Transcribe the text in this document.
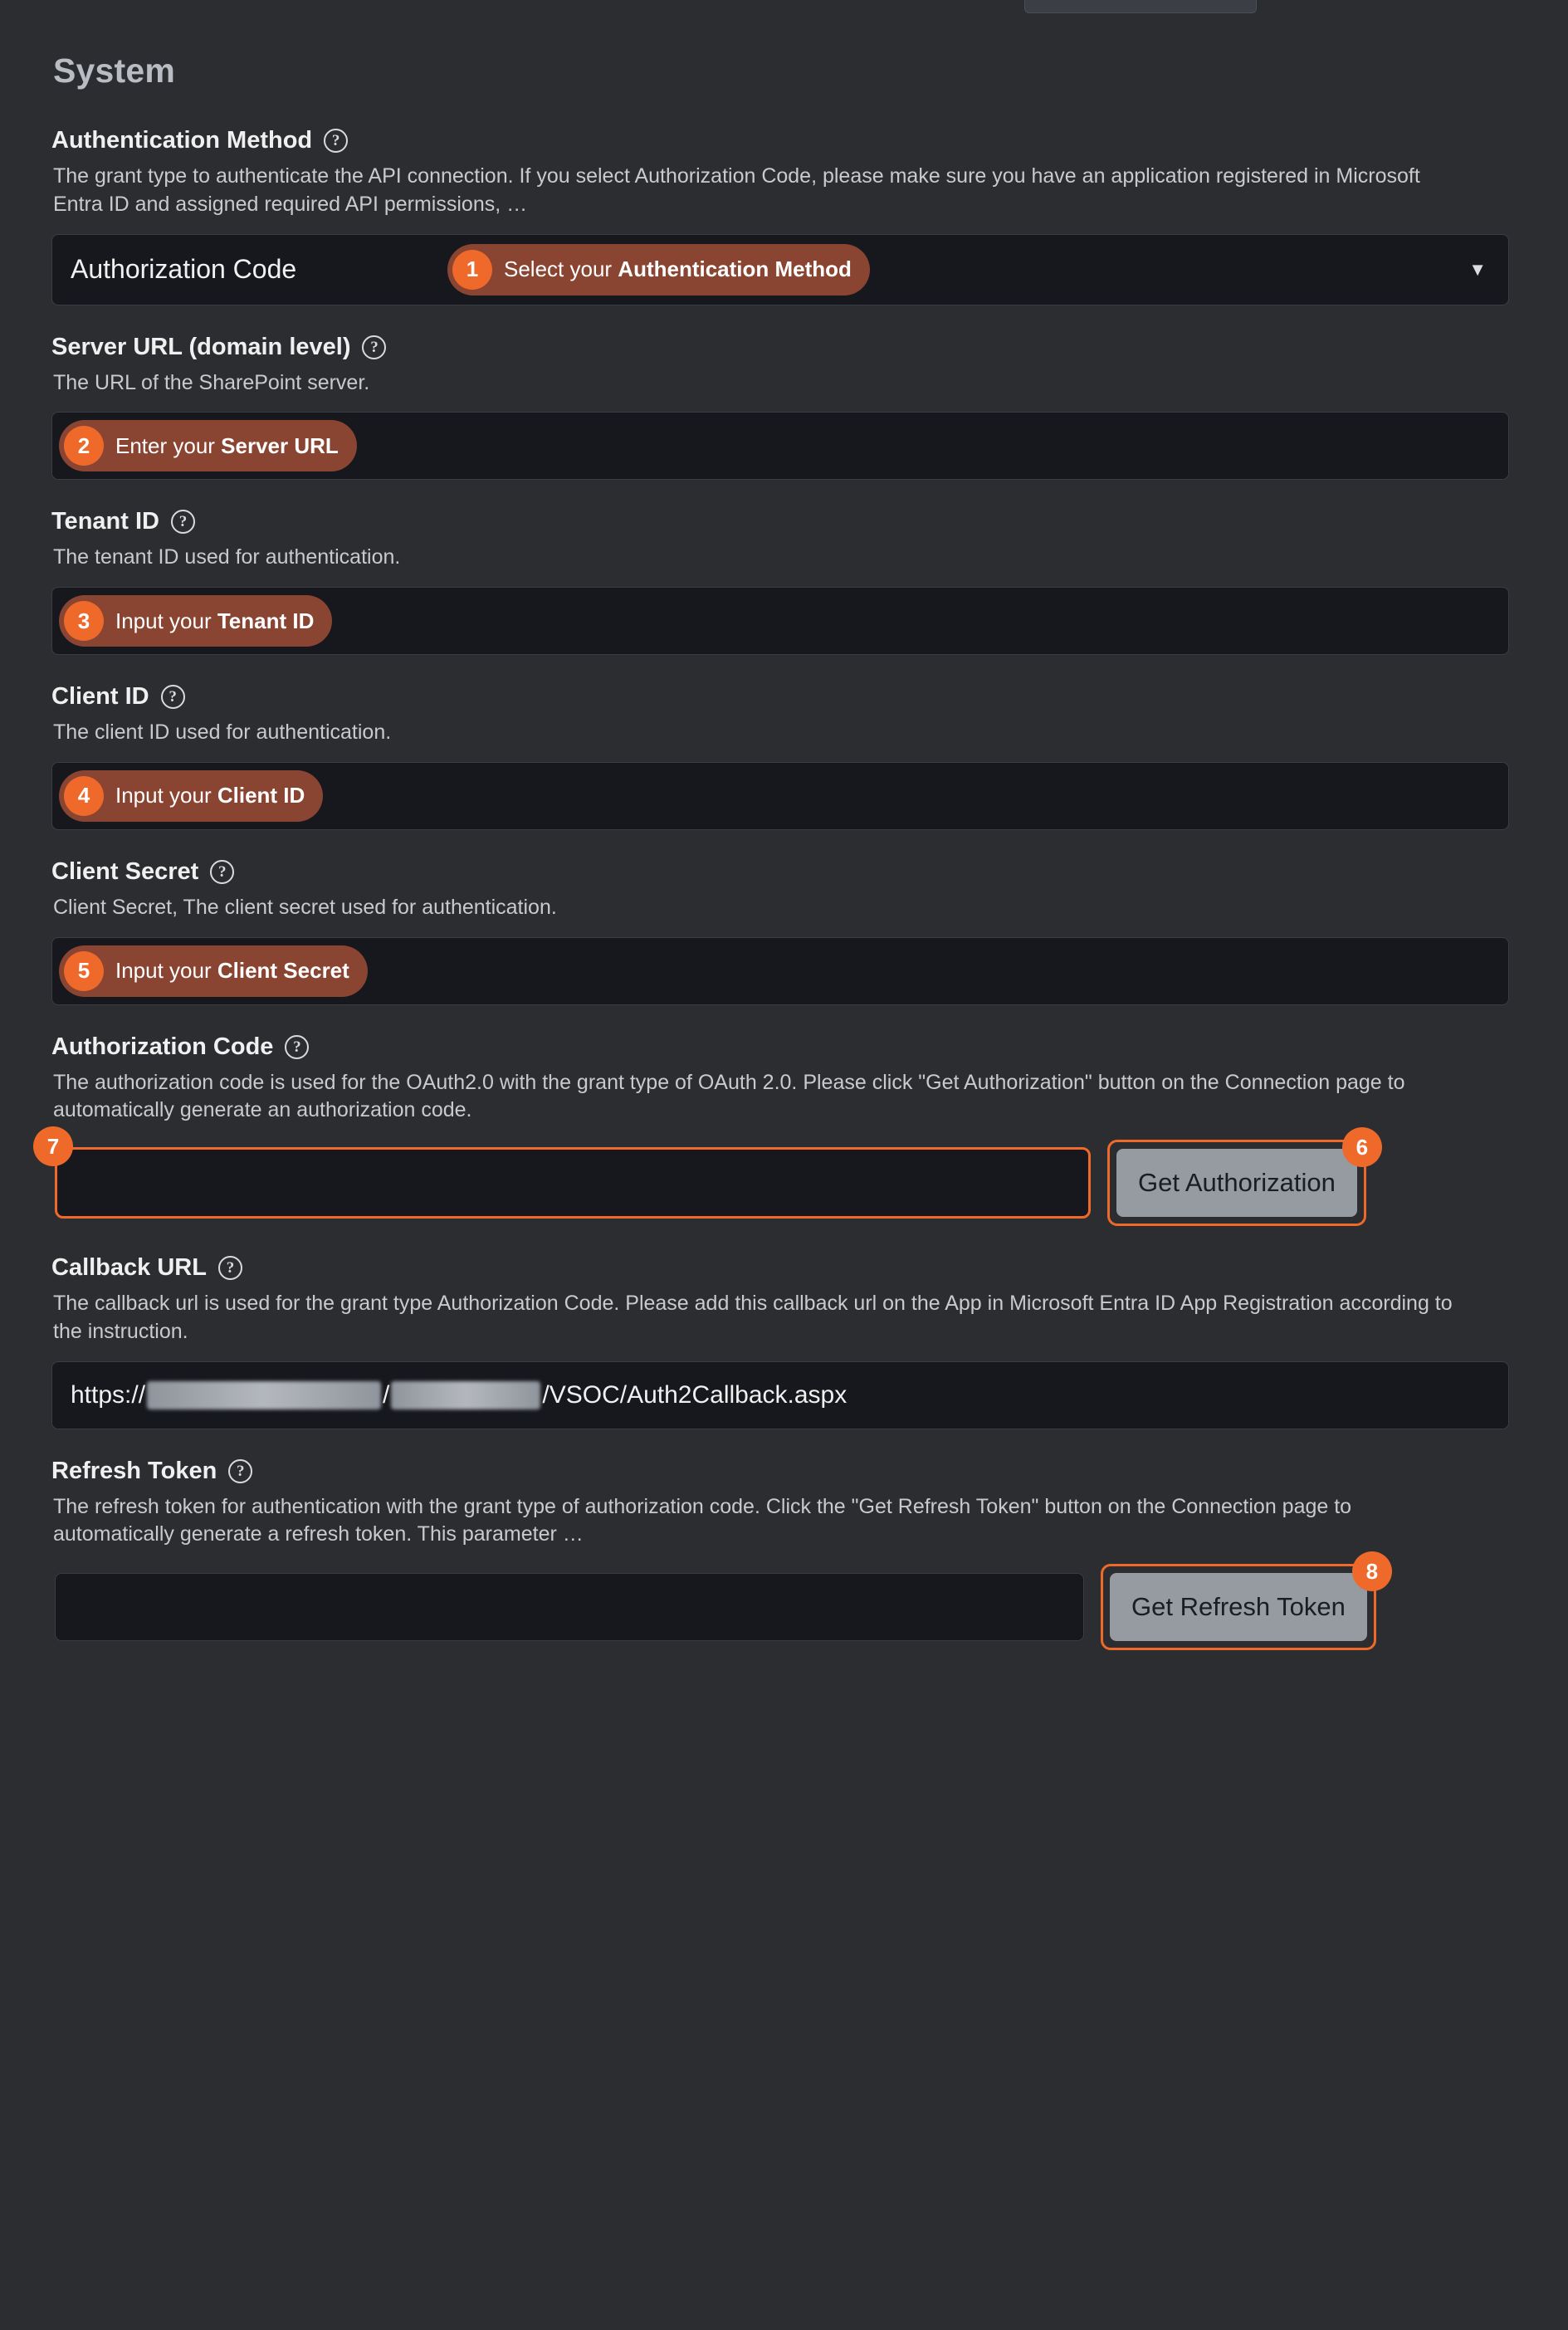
System
Authentication Method	?
The grant type to authenticate the API connection. If you select Authorization Code, please make sure you have an application registered in Microsoft Entra ID and assigned required API permissions, …
Authorization Code	1	Select your Authentication Method	▼
Server URL (domain level)	?
The URL of the SharePoint server.
2	Enter your Server URL
Tenant ID	?
The tenant ID used for authentication.
3	Input your Tenant ID
Client ID	?
The client ID used for authentication.
4	Input your Client ID
Client Secret	?
Client Secret, The client secret used for authentication.
5	Input your Client Secret
Authorization Code	?
The authorization code is used for the OAuth2.0 with the grant type of OAuth 2.0. Please click "Get Authorization" button on the Connection page to automatically generate an authorization code.
7	6
Get Authorization
Callback URL	?
The callback url is used for the grant type Authorization Code. Please add this callback url on the App in Microsoft Entra ID App Registration according to the instruction.
https://	/	/VSOC/Auth2Callback.aspx
Refresh Token	?
The refresh token for authentication with the grant type of authorization code. Click the "Get Refresh Token" button on the Connection page to automatically generate a refresh token. This parameter …
8
Get Refresh Token
